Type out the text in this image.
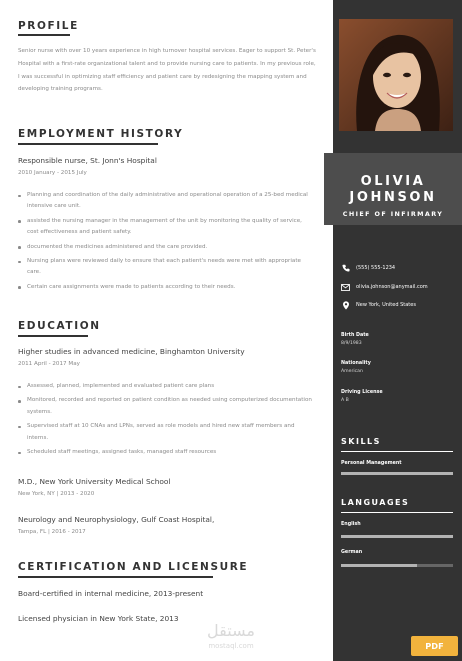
PROFILE
Senior nurse with over 10 years experience in high turnover hospital services. Eager to support St. Peter's Hospital with a first-rate organizational talent and to provide nursing care to patients. In my previous role, I was successful in optimizing staff efficiency and patient care by redesigning the mapping system and developing training programs.
EMPLOYMENT HISTORY
Responsible nurse, St. Jonn's Hospital
2010 January - 2015 July
Planning and coordination of the daily administrative and operational operation of a 25-bed medical intensive care unit.
assisted the nursing manager in the management of the unit by monitoring the quality of service, cost effectiveness and patient safety.
documented the medicines administered and the care provided.
Nursing plans were reviewed daily to ensure that each patient's needs were met with appropriate care.
Certain care assignments were made to patients according to their needs.
EDUCATION
Higher studies in advanced medicine, Binghamton University
2011 April - 2017 May
Assessed, planned, implemented and evaluated patient care plans
Monitored, recorded and reported on patient condition as needed using computerized documentation systems.
Supervised staff at 10 CNAs and LPNs, served as role models and hired new staff members and interns.
Scheduled staff meetings, assigned tasks, managed staff resources
M.D., New York University Medical School
New York, NY | 2013 - 2020
Neurology and Neurophysiology, Gulf Coast Hospital,
Tampa, FL | 2016 - 2017
CERTIFICATION AND LICENSURE
Board-certified in internal medicine, 2013-present
Licensed physician in New York State, 2013
OLIVIA
JOHNSON
CHIEF OF INFIRMARY
(555) 555-1234
olivia.johnson@anymail.com
New York, United States
Birth Date
8/9/1983
Nationality
American
Driving License
A B
SKILLS
Personal Management
LANGUAGES
English
German
مستقل
mostaql.com	PDF
